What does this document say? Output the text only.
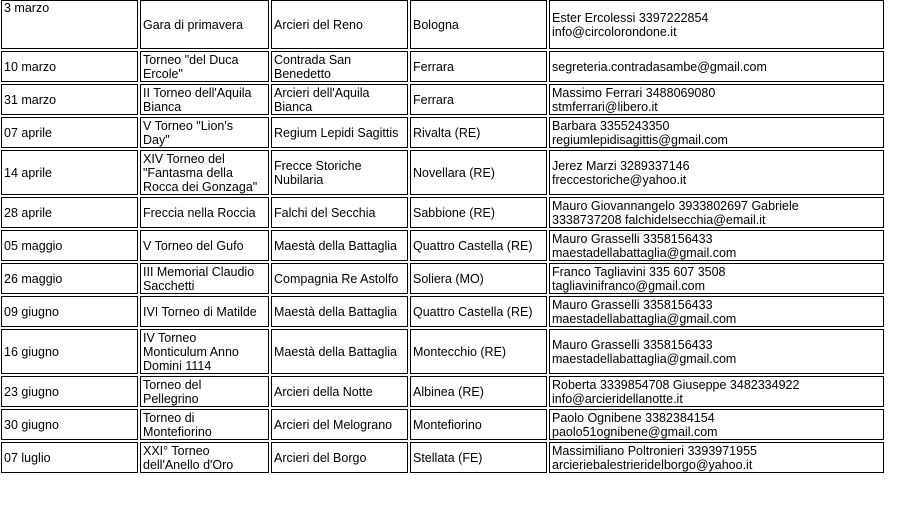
3 marzo	Gara di primavera	Arcieri del Reno	Bologna	Ester Ercolessi 3397222854
info@circolorondone.it
10 marzo	Torneo "del Duca
Ercole"	Contrada San
Benedetto	Ferrara	segreteria.contradasambe@gmail.com
31 marzo	II Torneo dell'Aquila
Bianca	Arcieri dell'Aquila
Bianca	Ferrara	Massimo Ferrari 3488069080
stmferrari@libero.it
07 aprile	V Torneo "Lion's
Day"	Regium Lepidi Sagittis	Rivalta (RE)	Barbara 3355243350
regiumlepidisagittis@gmail.com
14 aprile	XIV Torneo del
"Fantasma della
Rocca dei Gonzaga"	Frecce Storiche
Nubilaria	Novellara (RE)	Jerez Marzi 3289337146
freccestoriche@yahoo.it
28 aprile	Freccia nella Roccia	Falchi del Secchia	Sabbione (RE)	Mauro Giovannangelo 3933802697 Gabriele
3338737208 falchidelsecchia@email.it
05 maggio	V Torneo del Gufo	Maestà della Battaglia	Quattro Castella (RE)	Mauro Grasselli 3358156433
maestadellabattaglia@gmail.com
26 maggio	III Memorial Claudio
Sacchetti	Compagnia Re Astolfo	Soliera (MO)	Franco Tagliavini 335 607 3508
tagliavinifranco@gmail.com
09 giugno	IVI Torneo di Matilde	Maestà della Battaglia	Quattro Castella (RE)	Mauro Grasselli 3358156433
maestadellabattaglia@gmail.com
16 giugno	IV Torneo
Monticulum Anno
Domini 1114	Maestà della Battaglia	Montecchio (RE)	Mauro Grasselli 3358156433
maestadellabattaglia@gmail.com
23 giugno	Torneo del
Pellegrino	Arcieri della Notte	Albinea (RE)	Roberta 3339854708 Giuseppe 3482334922
info@arcieridellanotte.it
30 giugno	Torneo di
Montefiorino	Arcieri del Melograno	Montefiorino	Paolo Ognibene 3382384154
paolo51ognibene@gmail.com
07 luglio	XXI° Torneo
dell'Anello d'Oro	Arcieri del Borgo	Stellata (FE)	Massimiliano Poltronieri 3393971955
arcieriebalestrieridelborgo@yahoo.it
